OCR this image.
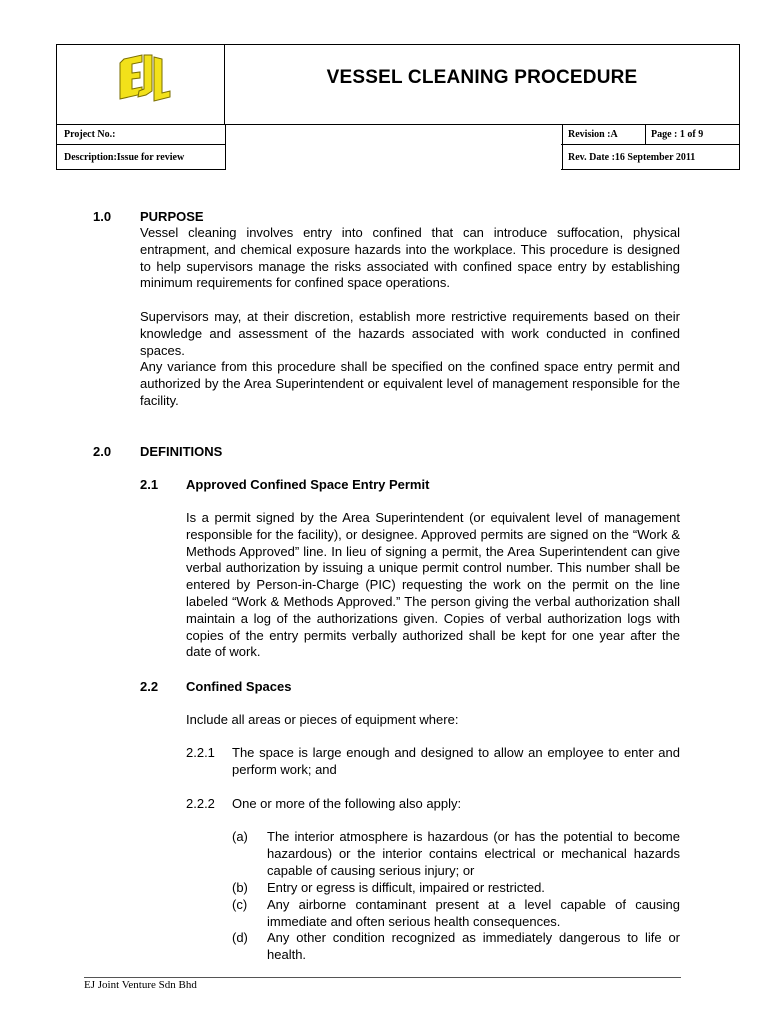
EJV
VESSEL CLEANING PROCEDURE
Project No.:
Description:Issue for review
Revision :A	Page : 1 of 9
Rev. Date :16 September 2011
1.0 PURPOSE
Vessel cleaning involves entry into confined that can introduce suffocation, physical entrapment, and chemical exposure hazards into the workplace. This procedure is designed to help supervisors manage the risks associated with confined space entry by establishing minimum requirements for confined space operations.
Supervisors may, at their discretion, establish more restrictive requirements based on their knowledge and assessment of the hazards associated with work conducted in confined spaces.
Any variance from this procedure shall be specified on the confined space entry permit and authorized by the Area Superintendent or equivalent level of management responsible for the facility.
2.0 DEFINITIONS
2.1 Approved Confined Space Entry Permit
Is a permit signed by the Area Superintendent (or equivalent level of management responsible for the facility), or designee. Approved permits are signed on the “Work & Methods Approved” line. In lieu of signing a permit, the Area Superintendent can give verbal authorization by issuing a unique permit control number. This number shall be entered by Person-in-Charge (PIC) requesting the work on the permit on the line labeled “Work & Methods Approved.” The person giving the verbal authorization shall maintain a log of the authorizations given. Copies of verbal authorization logs with copies of the entry permits verbally authorized shall be kept for one year after the date of work.
2.2 Confined Spaces
Include all areas or pieces of equipment where:
2.2.1 The space is large enough and designed to allow an employee to enter and perform work; and
2.2.2 One or more of the following also apply:
(a) The interior atmosphere is hazardous (or has the potential to become hazardous) or the interior contains electrical or mechanical hazards capable of causing serious injury; or
(b) Entry or egress is difficult, impaired or restricted.
(c) Any airborne contaminant present at a level capable of causing immediate and often serious health consequences.
(d) Any other condition recognized as immediately dangerous to life or health.
EJ Joint Venture Sdn Bhd
